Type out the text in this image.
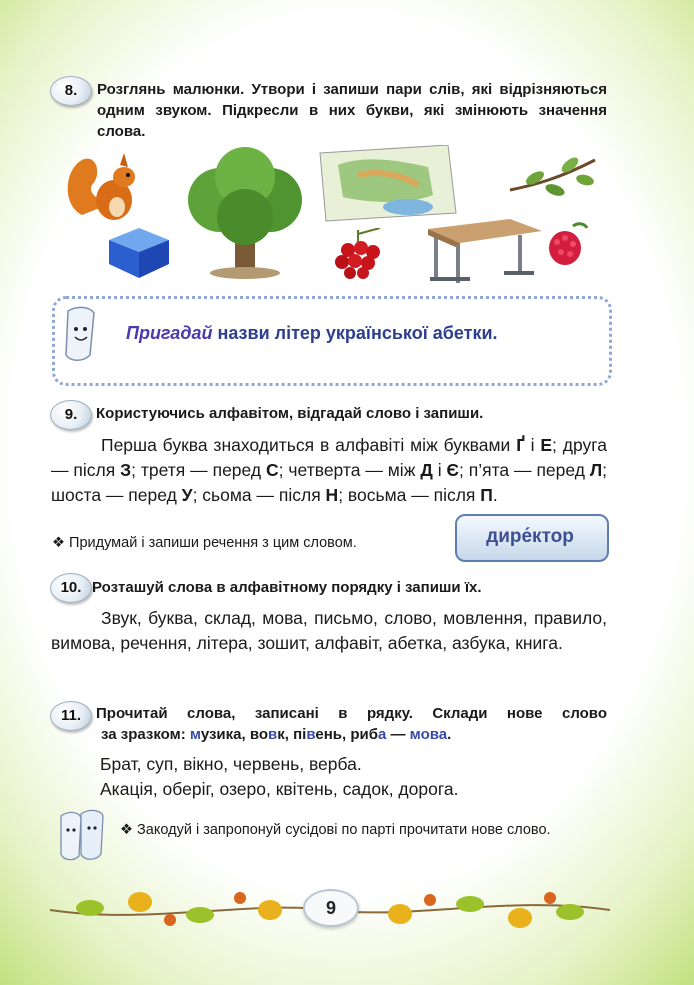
8.	Розглянь малюнки. Утвори і запиши пари слів, які відрізняються одним звуком. Підкресли в них букви, які змінюють значення слова.
Пригадай назви літер української абетки.
9.	Користуючись алфавітом, відгадай слово і запиши.
Перша буква знаходиться в алфавіті між буквами Ґ і Е; друга — після З; третя — перед С; четверта — між Д і Є; п’ята — перед Л; шоста — перед У; сьома — після Н; восьма — після П.
❖ Придумай і запиши речення з цим словом.	дире́ктор
10. Розташуй слова в алфавітному порядку і запиши їх.
Звук, буква, склад, мова, письмо, слово, мовлення, правило, вимова, речення, літера, зошит, алфавіт, абетка, азбука, книга.
11. Прочитай слова, записані в рядку. Склади нове слово
за зразком: музика, вовк, півень, риба — мова.
Брат, суп, вікно, червень, верба.
Акація, оберіг, озеро, квітень, садок, дорога.
❖ Закодуй і запропонуй сусідові по парті прочитати нове слово.
9
